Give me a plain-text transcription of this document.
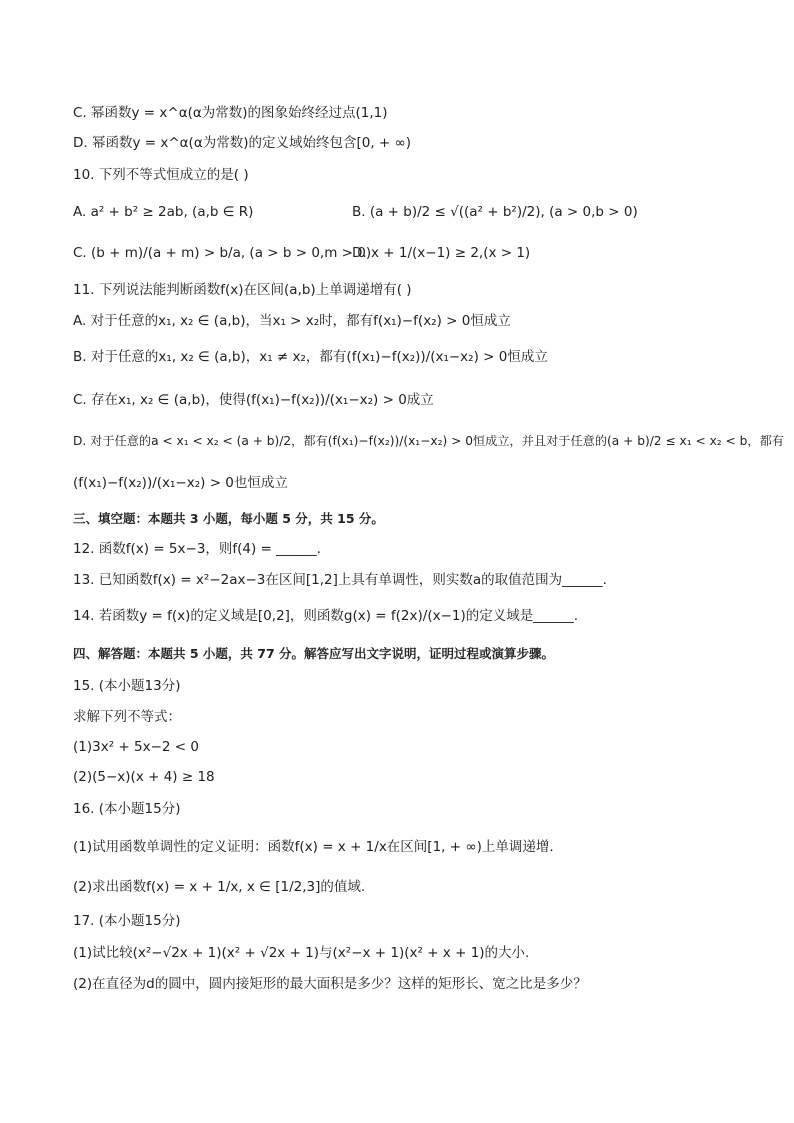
C. 幂函数y = x^α(α为常数)的图象始终经过点(1,1)
D. 幂函数y = x^α(α为常数)的定义域始终包含[0, + ∞)
10. 下列不等式恒成立的是( )
A. a² + b² ≥ 2ab, (a,b ∈ R)	B. (a + b)/2 ≤ √((a² + b²)/2), (a > 0,b > 0)
C. (b + m)/(a + m) > b/a, (a > b > 0,m > 0)
D. x + 1/(x−1) ≥ 2,(x > 1)
11. 下列说法能判断函数f(x)在区间(a,b)上单调递增有( )
A. 对于任意的x₁, x₂ ∈ (a,b)，当x₁ > x₂时，都有f(x₁)−f(x₂) > 0恒成立
B. 对于任意的x₁, x₂ ∈ (a,b)，x₁ ≠ x₂，都有(f(x₁)−f(x₂))/(x₁−x₂) > 0恒成立
C. 存在x₁, x₂ ∈ (a,b)，使得(f(x₁)−f(x₂))/(x₁−x₂) > 0成立
D. 对于任意的a < x₁ < x₂ < (a + b)/2，都有(f(x₁)−f(x₂))/(x₁−x₂) > 0恒成立，并且对于任意的(a + b)/2 ≤ x₁ < x₂ < b，都有
(f(x₁)−f(x₂))/(x₁−x₂) > 0也恒成立
三、填空题：本题共 3 小题，每小题 5 分，共 15 分。
12. 函数f(x) = 5x−3，则f(4) = ______.
13. 已知函数f(x) = x²−2ax−3在区间[1,2]上具有单调性，则实数a的取值范围为______.
14. 若函数y = f(x)的定义域是[0,2]，则函数g(x) = f(2x)/(x−1)的定义域是______.
四、解答题：本题共 5 小题，共 77 分。解答应写出文字说明，证明过程或演算步骤。
15. (本小题13分)
求解下列不等式：
(1)3x² + 5x−2 < 0
(2)(5−x)(x + 4) ≥ 18
16. (本小题15分)
(1)试用函数单调性的定义证明：函数f(x) = x + 1/x在区间[1, + ∞)上单调递增.
(2)求出函数f(x) = x + 1/x, x ∈ [1/2,3]的值域.
17. (本小题15分)
(1)试比较(x²−√2x + 1)(x² + √2x + 1)与(x²−x + 1)(x² + x + 1)的大小.
(2)在直径为d的圆中，圆内接矩形的最大面积是多少？这样的矩形长、宽之比是多少？
